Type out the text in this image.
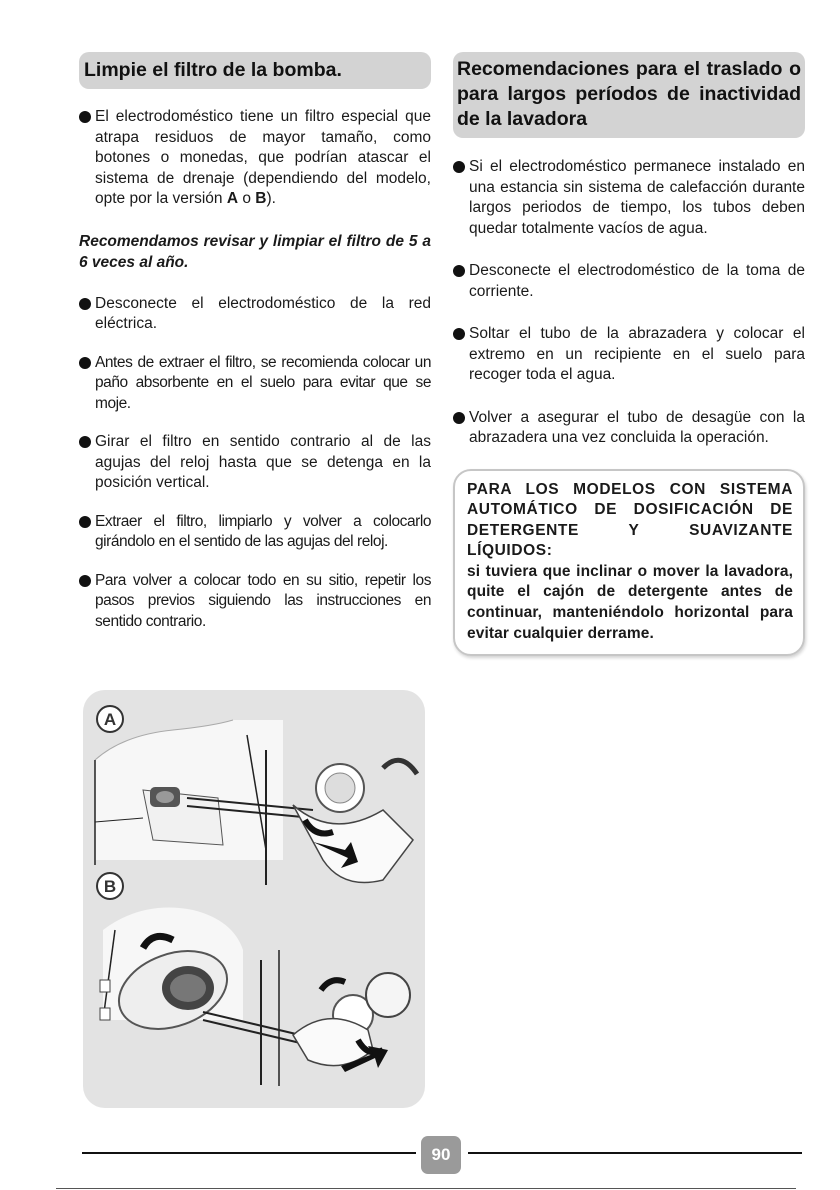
Limpie el filtro de la bomba.
El electrodoméstico tiene un filtro especial que atrapa residuos de mayor tamaño, como botones o monedas, que podrían atascar el sistema de drenaje (dependiendo del modelo, opte por la versión A o B).

Recomendamos revisar y limpiar el filtro de 5 a 6 veces al año.

Desconecte el electrodoméstico de la red eléctrica.
Antes de extraer el filtro, se recomienda colocar un paño absorbente en el suelo para evitar que se moje.
Girar el filtro en sentido contrario al de las agujas del reloj hasta que se detenga en la posición vertical.
Extraer el filtro, limpiarlo y volver a colocarlo girándolo en el sentido de las agujas del reloj.
Para volver a colocar todo en su sitio, repetir los pasos previos siguiendo las instrucciones en sentido contrario.
Recomendaciones para el traslado o para largos períodos de inactividad de la lavadora
Si el electrodoméstico permanece instalado en una estancia sin sistema de calefacción durante largos periodos de tiempo, los tubos deben quedar totalmente vacíos de agua.
Desconecte el electrodoméstico de la toma de corriente.
Soltar el tubo de la abrazadera y colocar el extremo en un recipiente en el suelo para recoger toda el agua.
Volver a asegurar el tubo de desagüe con la abrazadera una vez concluida la operación.

PARA LOS MODELOS CON SISTEMA AUTOMÁTICO DE DOSIFICACIÓN DE DETERGENTE Y SUAVIZANTE LÍQUIDOS:

si tuviera que inclinar o mover la lavadora, quite el cajón de detergente antes de continuar, manteniéndolo horizontal para evitar cualquier derrame.

A
B
90
